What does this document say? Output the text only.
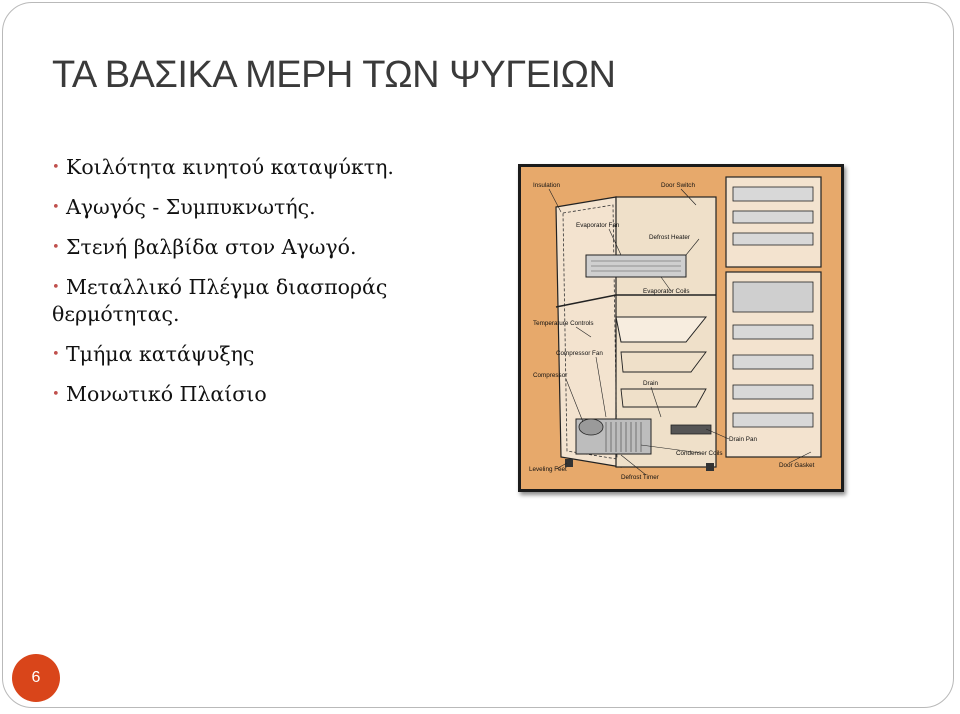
ΤΑ ΒΑΣΙΚΑ ΜΕΡΗ ΤΩΝ ΨΥΓΕΙΩΝ
• Κοιλότητα κινητού καταψύκτη.
• Αγωγός - Συμπυκνωτής.
• Στενή βαλβίδα στον Αγωγό.
• Μεταλλικό Πλέγμα διασποράς θερμότητας.
• Τμήμα κατάψυξης
• Μονωτικό Πλαίσιο
Insulation	Door Switch
Evaporator Fan
Defrost Heater
Evaporator Coils
Temperature Controls
Compressor Fan
Compressor
Drain
Drain Pan
Condenser Coils
Door Gasket
Leveling Feet
Defrost Timer
6
